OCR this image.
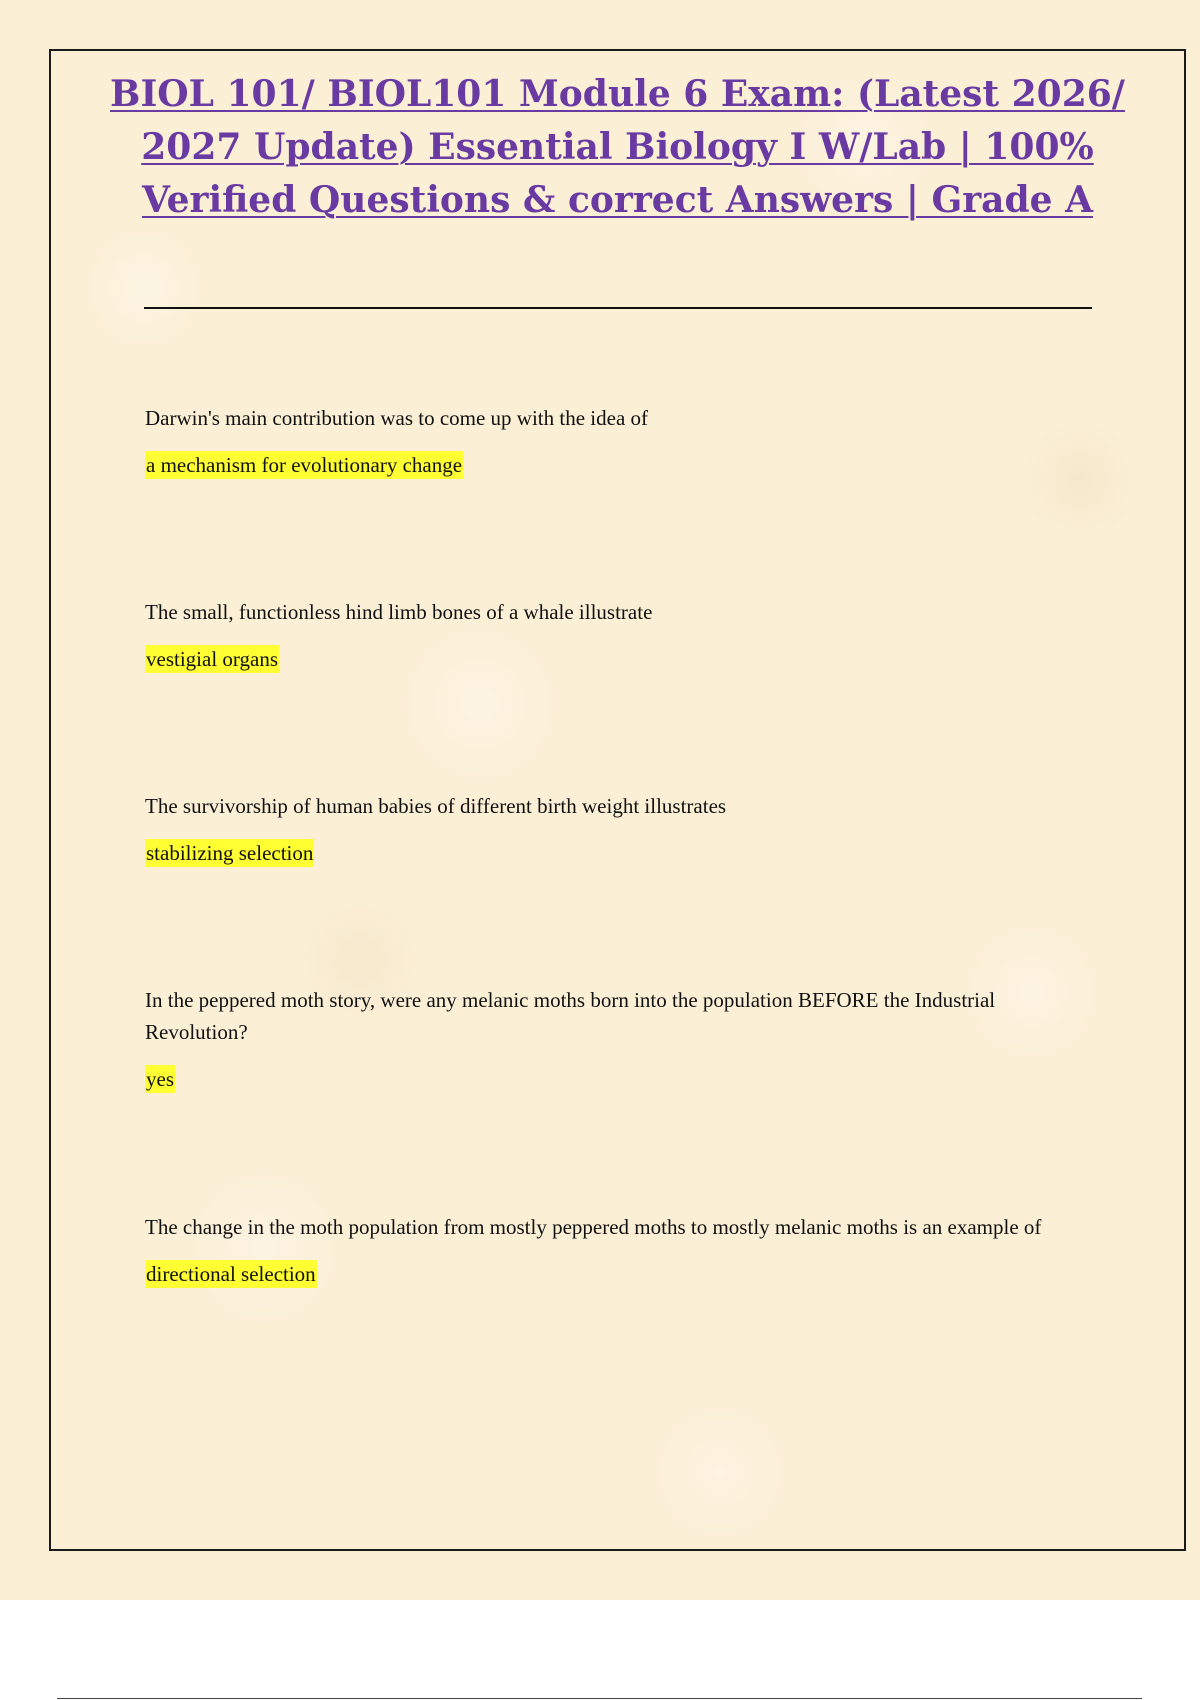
BIOL 101/ BIOL101 Module 6 Exam: (Latest 2026/ 2027 Update) Essential Biology I W/Lab | 100% Verified Questions & correct Answers | Grade A

Darwin's main contribution was to come up with the idea of

a mechanism for evolutionary change

The small, functionless hind limb bones of a whale illustrate

vestigial organs

The survivorship of human babies of different birth weight illustrates

stabilizing selection

In the peppered moth story, were any melanic moths born into the population BEFORE the Industrial Revolution?

yes

The change in the moth population from mostly peppered moths to mostly melanic moths is an example of

directional selection
